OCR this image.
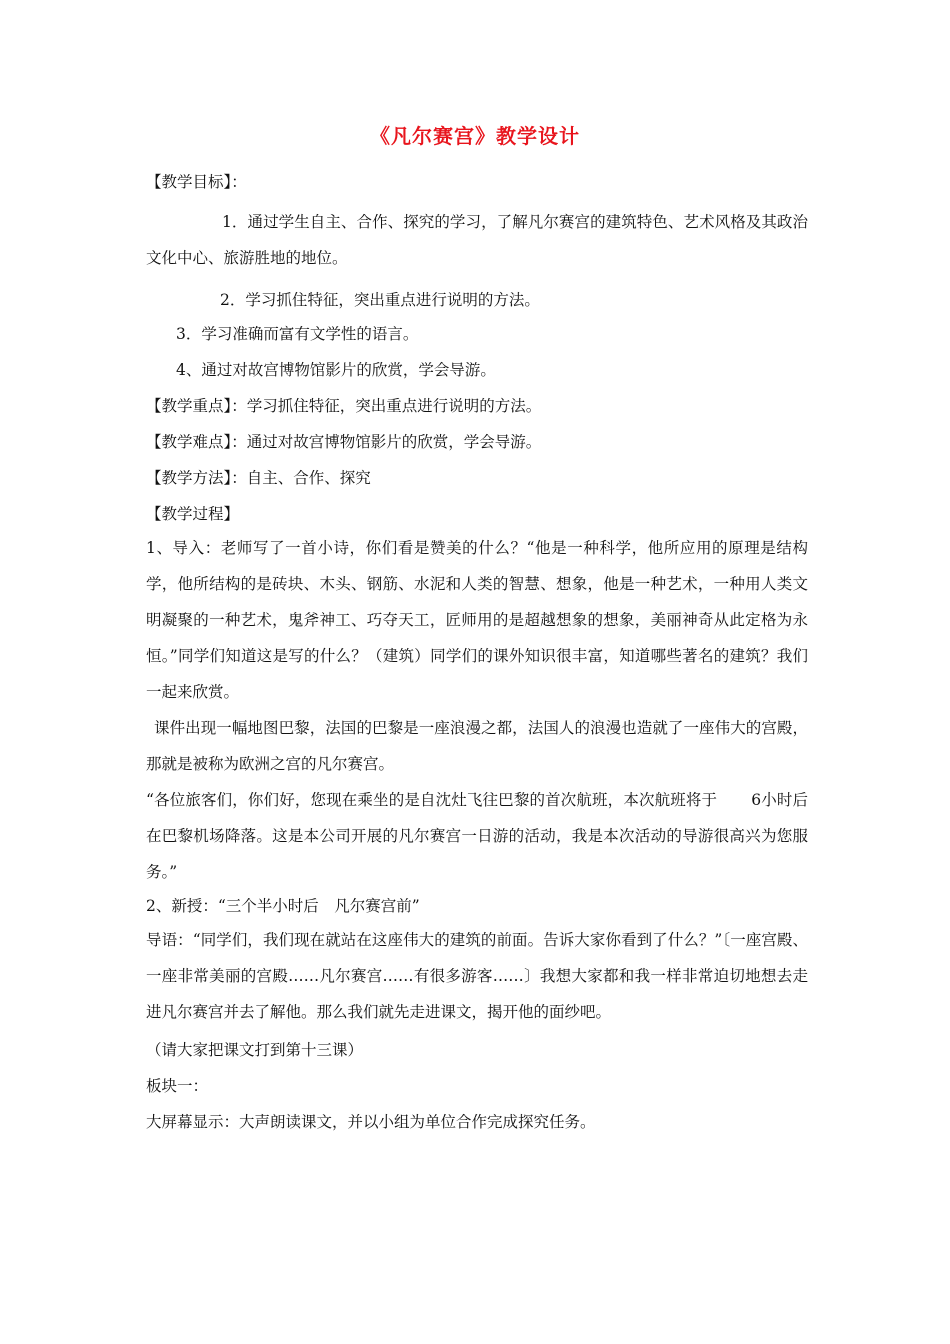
《凡尔赛宫》教学设计

【教学目标】：

1．通过学生自主、合作、探究的学习，了解凡尔赛宫的建筑特色、艺术风格及其政治文化中心、旅游胜地的地位。

2．学习抓住特征，突出重点进行说明的方法。

3．学习准确而富有文学性的语言。

4、通过对故宫博物馆影片的欣赏，学会导游。

【教学重点】：学习抓住特征，突出重点进行说明的方法。

【教学难点】：通过对故宫博物馆影片的欣赏，学会导游。

【教学方法】：自主、合作、探究

【教学过程】

1、导入：老师写了一首小诗，你们看是赞美的什么？“他是一种科学，他所应用的原理是结构学，他所结构的是砖块、木头、钢筋、水泥和人类的智慧、想象，他是一种艺术，一种用人类文明凝聚的一种艺术，鬼斧神工、巧夺天工，匠师用的是超越想象的想象，美丽神奇从此定格为永恒。”同学们知道这是写的什么？（建筑）同学们的课外知识很丰富，知道哪些著名的建筑？我们一起来欣赏。

课件出现一幅地图巴黎，法国的巴黎是一座浪漫之都，法国人的浪漫也造就了一座伟大的宫殿，那就是被称为欧洲之宫的凡尔赛宫。

“各位旅客们，你们好，您现在乘坐的是自沈灶飞往巴黎的首次航班，本次航班将于 6小时后在巴黎机场降落。这是本公司开展的凡尔赛宫一日游的活动，我是本次活动的导游很高兴为您服务。”

2、新授：“三个半小时后　凡尔赛宫前”

导语：“同学们，我们现在就站在这座伟大的建筑的前面。告诉大家你看到了什么？”〔一座宫殿、一座非常美丽的宫殿……凡尔赛宫……有很多游客……〕我想大家都和我一样非常迫切地想去走进凡尔赛宫并去了解他。那么我们就先走进课文，揭开他的面纱吧。

（请大家把课文打到第十三课）

板块一：

大屏幕显示：大声朗读课文，并以小组为单位合作完成探究任务。
